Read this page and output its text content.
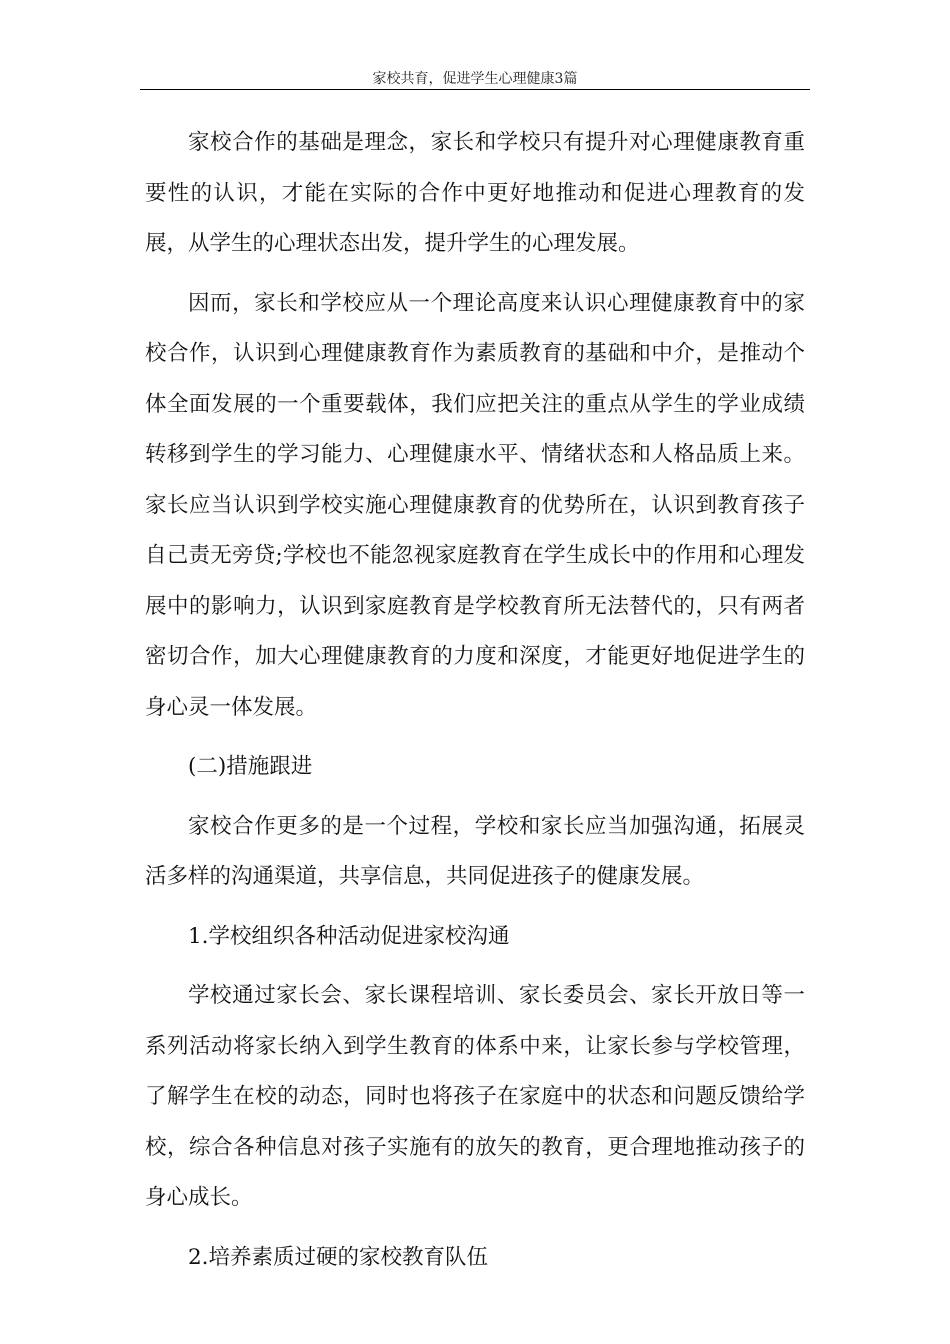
家校共育，促进学生心理健康3篇

家校合作的基础是理念，家长和学校只有提升对心理健康教育重要性的认识，才能在实际的合作中更好地推动和促进心理教育的发展，从学生的心理状态出发，提升学生的心理发展。

因而，家长和学校应从一个理论高度来认识心理健康教育中的家校合作，认识到心理健康教育作为素质教育的基础和中介，是推动个体全面发展的一个重要载体，我们应把关注的重点从学生的学业成绩转移到学生的学习能力、心理健康水平、情绪状态和人格品质上来。家长应当认识到学校实施心理健康教育的优势所在，认识到教育孩子自己责无旁贷;学校也不能忽视家庭教育在学生成长中的作用和心理发展中的影响力，认识到家庭教育是学校教育所无法替代的，只有两者密切合作，加大心理健康教育的力度和深度，才能更好地促进学生的身心灵一体发展。

(二)措施跟进

家校合作更多的是一个过程，学校和家长应当加强沟通，拓展灵活多样的沟通渠道，共享信息，共同促进孩子的健康发展。

1.学校组织各种活动促进家校沟通

学校通过家长会、家长课程培训、家长委员会、家长开放日等一系列活动将家长纳入到学生教育的体系中来，让家长参与学校管理，了解学生在校的动态，同时也将孩子在家庭中的状态和问题反馈给学校，综合各种信息对孩子实施有的放矢的教育，更合理地推动孩子的身心成长。

2.培养素质过硬的家校教育队伍
